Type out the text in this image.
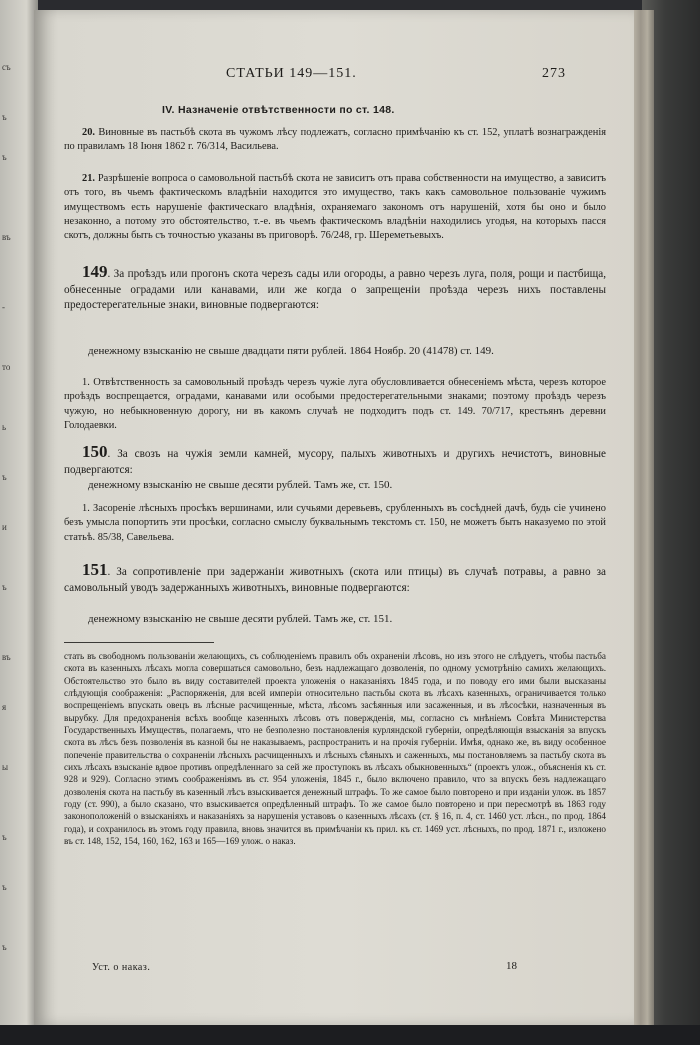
съ
ъ
ъ
въ
-
то
ь
ъ
и
ъ
въ
я
ы
ъ
ъ
ъ
СТАТЬИ 149—151.	273
IV. Назначеніе отвѣтственности по ст. 148.
20. Виновные въ пастьбѣ скота въ чужомъ лѣсу подлежатъ, согласно примѣчанію къ ст. 152, уплатѣ вознагражденія по правиламъ 18 Іюня 1862 г. 76/314, Васильева.
21. Разрѣшеніе вопроса о самовольной пастьбѣ скота не зависитъ отъ права собственности на имущество, а зависитъ отъ того, въ чьемъ фактическомъ владѣніи находится это имущество, такъ какъ самовольное пользованіе чужимъ имуществомъ есть нарушеніе фактическаго владѣнія, охраняемаго закономъ отъ нарушеній, хотя бы оно и было незаконно, а потому это обстоятельство, т.-е. въ чьемъ фактическомъ владѣніи находились угодья, на которыхъ пасся скотъ, должны быть съ точностью указаны въ приговорѣ. 76/248, гр. Шереметьевыхъ.
149. За проѣздъ или прогонъ скота черезъ сады или огороды, а равно черезъ луга, поля, рощи и пастбища, обнесенные оградами или канавами, или же когда о запрещеніи проѣзда черезъ нихъ поставлены предостерегательные знаки, виновные подвергаются:
денежному взысканію не свыше двадцати пяти рублей. 1864 Ноябр. 20 (41478) ст. 149.
1. Отвѣтственность за самовольный проѣздъ черезъ чужіе луга обусловливается обнесеніемъ мѣста, черезъ которое проѣздъ воспрещается, оградами, канавами или особыми предостерегательными знаками; поэтому проѣздъ черезъ чужую, но небыкновенную дорогу, ни въ какомъ случаѣ не подходитъ подъ ст. 149. 70/717, крестьянъ деревни Голодаевки.
150. За свозъ на чужія земли камней, мусору, палыхъ животныхъ и другихъ нечистотъ, виновные подвергаются:
денежному взысканію не свыше десяти рублей. Тамъ же, ст. 150.
1. Засореніе лѣсныхъ просѣкъ вершинами, или сучьями деревьевъ, срубленныхъ въ сосѣдней дачѣ, будь сіе учинено безъ умысла попортить эти просѣки, согласно смыслу буквальнымъ текстомъ ст. 150, не можетъ быть наказуемо по этой статьѣ. 85/38, Савельева.
151. За сопротивленіе при задержаніи животныхъ (скота или птицы) въ случаѣ потравы, а равно за самовольный уводъ задержанныхъ животныхъ, виновные подвергаются:
денежному взысканію не свыше десяти рублей. Тамъ же, ст. 151.
стать въ свободномъ пользованіи желающихъ, съ соблюденіемъ правилъ объ охраненіи лѣсовъ, но изъ этого не слѣдуетъ, чтобы пастьба скота въ казенныхъ лѣсахъ могла совершаться самовольно, безъ надлежащаго дозволенія, по одному усмотрѣнію самихъ желающихъ. Обстоятельство это было въ виду составителей проекта уложенія о наказаніяхъ 1845 года, и по поводу его ими были высказаны слѣдующія соображенія: „Распоряженія, для всей имперіи относительно пастьбы скота въ лѣсахъ казенныхъ, ограничивается только воспрещеніемъ впускать овецъ въ лѣсные расчищенные, мѣста, лѣсомъ засѣянныя или засаженныя, и въ лѣсосѣки, назначенныя въ вырубку. Для предохраненія всѣхъ вообще казенныхъ лѣсовъ отъ повержденія, мы, согласно съ мнѣніемъ Совѣта Министерства Государственныхъ Имуществъ, полагаемъ, что не безполезно постановленія курляндской губерніи, опредѣляющія взысканія за впускъ скота въ лѣсъ безъ позволенія въ казной бы не наказываемъ, распространить и на прочія губерніи. Имѣя, однако же, въ виду особенное попеченіе правительства о сохраненіи лѣсныхъ расчищенныхъ и лѣсныхъ сѣяныхъ и саженныхъ, мы постановляемъ за пастьбу скота въ сихъ лѣсахъ взысканіе вдвое противъ опредѣленнаго за сей же проступокъ въ лѣсахъ обыкновенныхъ“ (проектъ улож., объясненія къ ст. 928 и 929). Согласно этимъ соображеніямъ въ ст. 954 уложенія, 1845 г., было включено правило, что за впускъ безъ надлежащаго дозволенія скота на пастьбу въ казенный лѣсъ взыскивается денежный штрафъ. То же самое было повторено и при изданіи улож. въ 1857 году (ст. 990), а было сказано, что взыскивается опредѣленный штрафъ. То же самое было повторено и при пересмотрѣ въ 1863 году законоположеній о взысканіяхъ и наказаніяхъ за нарушенія уставовъ о казенныхъ лѣсахъ (ст. § 16, п. 4, ст. 1460 уст. лѣсн., по прод. 1864 года), и сохранилось въ этомъ году правила, вновь значится въ примѣчаніи къ прил. къ ст. 1469 уст. лѣсныхъ, по прод. 1871 г., изложено въ ст. 148, 152, 154, 160, 162, 163 и 165—169 улож. о наказ.
Уст. о наказ.	18
